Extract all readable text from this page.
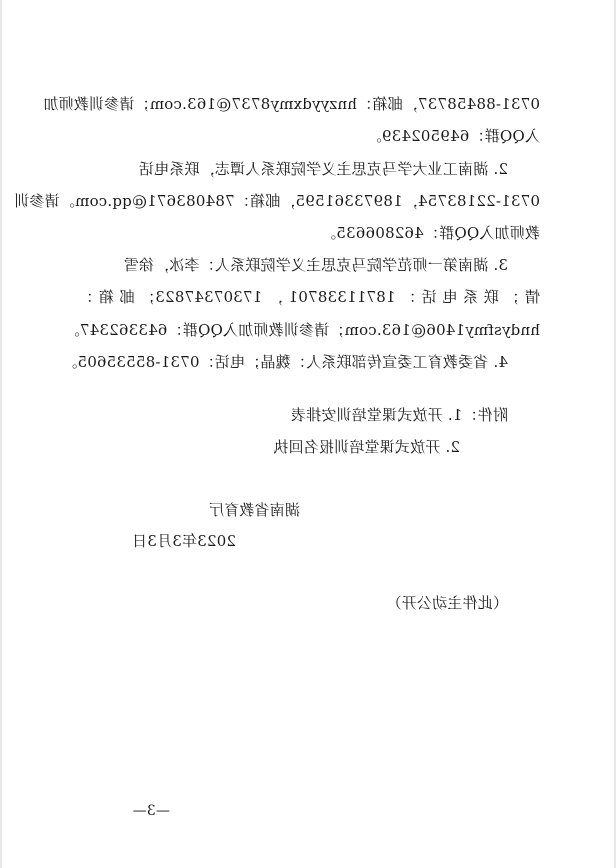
0731-88458737，邮箱：hnzyydxmy8737@163.com；请参训教师加
入QQ群：649502439。
2. 湖南工业大学马克思主义学院联系人谭志，联系电话
0731-22183754，18973361595，邮箱：784083671@qq.com。请参训
教师加入QQ群：462806635。
3. 湖南第一师范学院马克思主义学院联系人：李冰，徐雪
情；联系电话：18711338701，17307347823；邮箱：
hndysfmy1406@163.com；请参训教师加入QQ群：643362347。
4. 省委教育工委宣传部联系人：魏晶；电话：0731-85535605。
附件：1. 开放式课堂培训安排表
2. 开放式课堂培训报名回执
湖南省教育厅
2023年3月3日
（此件主动公开）
—3—
